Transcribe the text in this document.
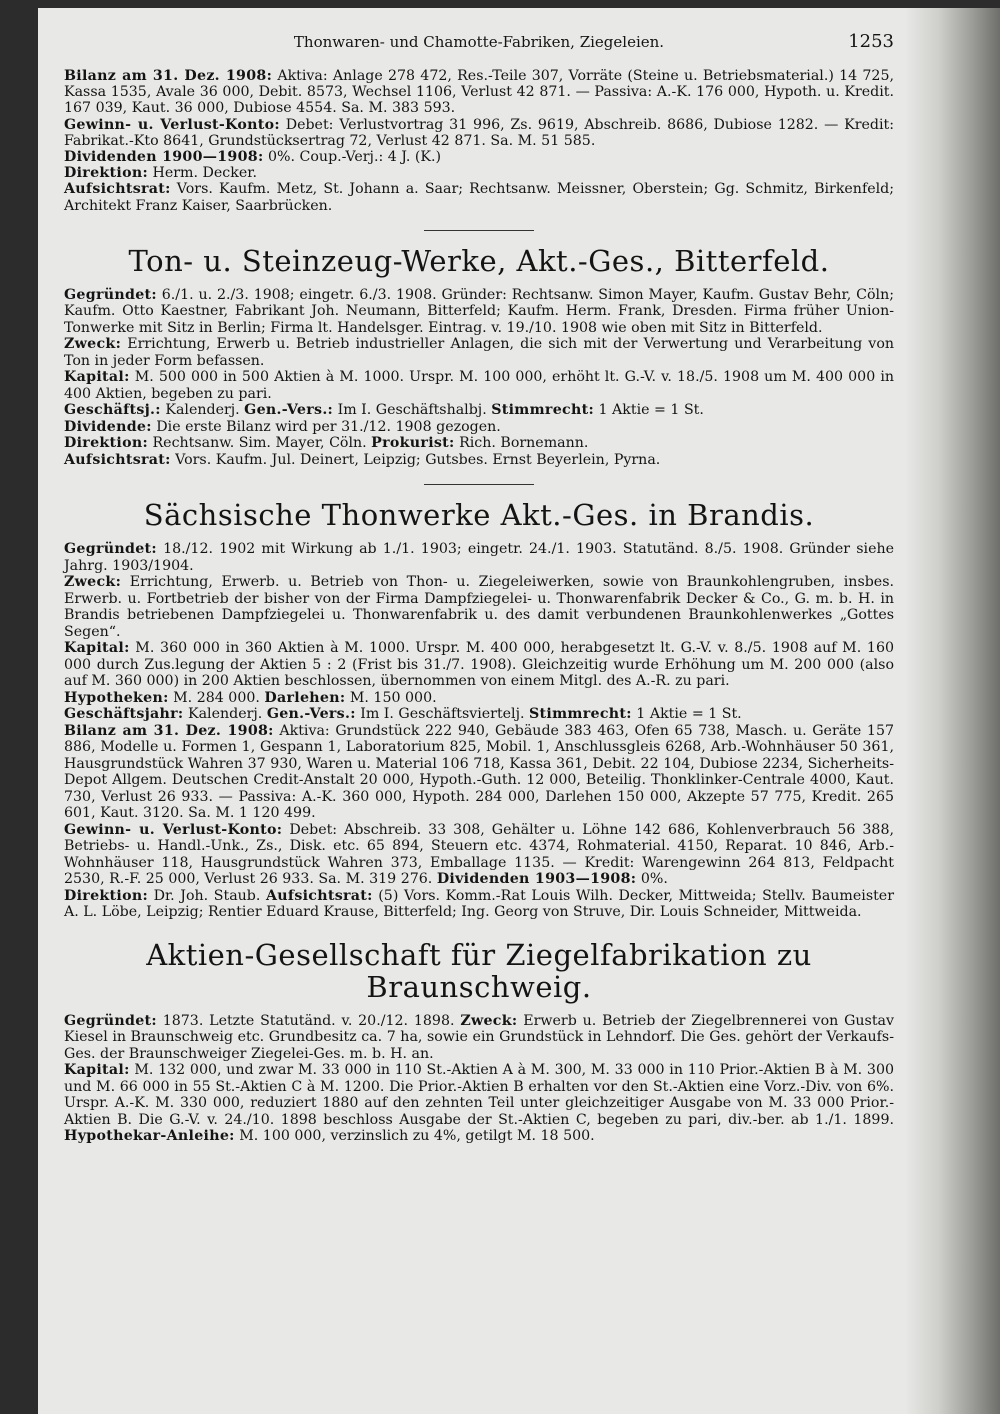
Thonwaren- und Chamotte-Fabriken, Ziegeleien.	1253

Bilanz am 31. Dez. 1908: Aktiva: Anlage 278 472, Res.-Teile 307, Vorräte (Steine u. Betriebsmaterial.) 14 725, Kassa 1535, Avale 36 000, Debit. 8573, Wechsel 1106, Verlust 42 871. — Passiva: A.-K. 176 000, Hypoth. u. Kredit. 167 039, Kaut. 36 000, Dubiose 4554. Sa. M. 383 593.

Gewinn- u. Verlust-Konto: Debet: Verlustvortrag 31 996, Zs. 9619, Abschreib. 8686, Dubiose 1282. — Kredit: Fabrikat.-Kto 8641, Grundstücksertrag 72, Verlust 42 871. Sa. M. 51 585.

Dividenden 1900—1908: 0%. Coup.-Verj.: 4 J. (K.)

Direktion: Herm. Decker.

Aufsichtsrat: Vors. Kaufm. Metz, St. Johann a. Saar; Rechtsanw. Meissner, Oberstein; Gg. Schmitz, Birkenfeld; Architekt Franz Kaiser, Saarbrücken.

Ton- u. Steinzeug-Werke, Akt.-Ges., Bitterfeld.

Gegründet: 6./1. u. 2./3. 1908; eingetr. 6./3. 1908. Gründer: Rechtsanw. Simon Mayer, Kaufm. Gustav Behr, Cöln; Kaufm. Otto Kaestner, Fabrikant Joh. Neumann, Bitterfeld; Kaufm. Herm. Frank, Dresden. Firma früher Union-Tonwerke mit Sitz in Berlin; Firma lt. Handelsger. Eintrag. v. 19./10. 1908 wie oben mit Sitz in Bitterfeld.

Zweck: Errichtung, Erwerb u. Betrieb industrieller Anlagen, die sich mit der Verwertung und Verarbeitung von Ton in jeder Form befassen.

Kapital: M. 500 000 in 500 Aktien à M. 1000. Urspr. M. 100 000, erhöht lt. G.-V. v. 18./5. 1908 um M. 400 000 in 400 Aktien, begeben zu pari.

Geschäftsj.: Kalenderj. Gen.-Vers.: Im I. Geschäftshalbj. Stimmrecht: 1 Aktie = 1 St.

Dividende: Die erste Bilanz wird per 31./12. 1908 gezogen.

Direktion: Rechtsanw. Sim. Mayer, Cöln. Prokurist: Rich. Bornemann.

Aufsichtsrat: Vors. Kaufm. Jul. Deinert, Leipzig; Gutsbes. Ernst Beyerlein, Pyrna.

Sächsische Thonwerke Akt.-Ges. in Brandis.

Gegründet: 18./12. 1902 mit Wirkung ab 1./1. 1903; eingetr. 24./1. 1903. Statutänd. 8./5. 1908. Gründer siehe Jahrg. 1903/1904.

Zweck: Errichtung, Erwerb. u. Betrieb von Thon- u. Ziegeleiwerken, sowie von Braunkohlengruben, insbes. Erwerb. u. Fortbetrieb der bisher von der Firma Dampfziegelei- u. Thonwarenfabrik Decker & Co., G. m. b. H. in Brandis betriebenen Dampfziegelei u. Thonwarenfabrik u. des damit verbundenen Braunkohlenwerkes „Gottes Segen“.

Kapital: M. 360 000 in 360 Aktien à M. 1000. Urspr. M. 400 000, herabgesetzt lt. G.-V. v. 8./5. 1908 auf M. 160 000 durch Zus.legung der Aktien 5 : 2 (Frist bis 31./7. 1908). Gleichzeitig wurde Erhöhung um M. 200 000 (also auf M. 360 000) in 200 Aktien beschlossen, übernommen von einem Mitgl. des A.-R. zu pari.

Hypotheken: M. 284 000. Darlehen: M. 150 000.

Geschäftsjahr: Kalenderj. Gen.-Vers.: Im I. Geschäftsviertelj. Stimmrecht: 1 Aktie = 1 St.

Bilanz am 31. Dez. 1908: Aktiva: Grundstück 222 940, Gebäude 383 463, Ofen 65 738, Masch. u. Geräte 157 886, Modelle u. Formen 1, Gespann 1, Laboratorium 825, Mobil. 1, Anschlussgleis 6268, Arb.-Wohnhäuser 50 361, Hausgrundstück Wahren 37 930, Waren u. Material 106 718, Kassa 361, Debit. 22 104, Dubiose 2234, Sicherheits-Depot Allgem. Deutschen Credit-Anstalt 20 000, Hypoth.-Guth. 12 000, Beteilig. Thonklinker-Centrale 4000, Kaut. 730, Verlust 26 933. — Passiva: A.-K. 360 000, Hypoth. 284 000, Darlehen 150 000, Akzepte 57 775, Kredit. 265 601, Kaut. 3120. Sa. M. 1 120 499.

Gewinn- u. Verlust-Konto: Debet: Abschreib. 33 308, Gehälter u. Löhne 142 686, Kohlenverbrauch 56 388, Betriebs- u. Handl.-Unk., Zs., Disk. etc. 65 894, Steuern etc. 4374, Rohmaterial. 4150, Reparat. 10 846, Arb.-Wohnhäuser 118, Hausgrundstück Wahren 373, Emballage 1135. — Kredit: Warengewinn 264 813, Feldpacht 2530, R.-F. 25 000, Verlust 26 933. Sa. M. 319 276. Dividenden 1903—1908: 0%.

Direktion: Dr. Joh. Staub. Aufsichtsrat: (5) Vors. Komm.-Rat Louis Wilh. Decker, Mittweida; Stellv. Baumeister A. L. Löbe, Leipzig; Rentier Eduard Krause, Bitterfeld; Ing. Georg von Struve, Dir. Louis Schneider, Mittweida.

Aktien-Gesellschaft für Ziegelfabrikation zu Braunschweig.

Gegründet: 1873. Letzte Statutänd. v. 20./12. 1898. Zweck: Erwerb u. Betrieb der Ziegelbrennerei von Gustav Kiesel in Braunschweig etc. Grundbesitz ca. 7 ha, sowie ein Grundstück in Lehndorf. Die Ges. gehört der Verkaufs-Ges. der Braunschweiger Ziegelei-Ges. m. b. H. an.

Kapital: M. 132 000, und zwar M. 33 000 in 110 St.-Aktien A à M. 300, M. 33 000 in 110 Prior.-Aktien B à M. 300 und M. 66 000 in 55 St.-Aktien C à M. 1200. Die Prior.-Aktien B erhalten vor den St.-Aktien eine Vorz.-Div. von 6%. Urspr. A.-K. M. 330 000, reduziert 1880 auf den zehnten Teil unter gleichzeitiger Ausgabe von M. 33 000 Prior.-Aktien B. Die G.-V. v. 24./10. 1898 beschloss Ausgabe der St.-Aktien C, begeben zu pari, div.-ber. ab 1./1. 1899. Hypothekar-Anleihe: M. 100 000, verzinslich zu 4%, getilgt M. 18 500.
